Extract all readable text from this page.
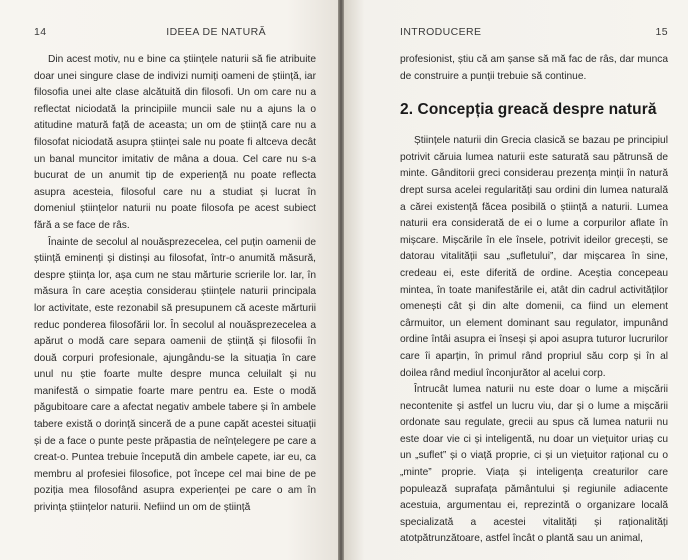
14	IDEEA DE NATURĂ

Din acest motiv, nu e bine ca științele naturii să fie atribuite doar unei singure clase de indivizi numiți oameni de știință, iar filosofia unei alte clase alcătuită din filosofi. Un om care nu a reflectat niciodată la principiile muncii sale nu a ajuns la o atitudine matură față de aceasta; un om de știință care nu a filosofat niciodată asupra științei sale nu poate fi altceva decât un banal muncitor imitativ de mâna a doua. Cel care nu s-a bucurat de un anumit tip de experiență nu poate reflecta asupra acesteia, filosoful care nu a studiat și lucrat în domeniul științelor naturii nu poate filosofa pe acest subiect fără a se face de râs.

Înainte de secolul al nouăsprezecelea, cel puțin oamenii de știință eminenți și distinși au filosofat, într-o anumită măsură, despre știința lor, așa cum ne stau mărturie scrierile lor. Iar, în măsura în care aceștia considerau științele naturii principala lor activitate, este rezonabil să presupunem că aceste mărturii reduc ponderea filosofării lor. În secolul al nouăsprezecelea a apărut o modă care separa oamenii de știință și filosofii în două corpuri profesionale, ajungându-se la situația în care unul nu știe foarte multe despre munca celuilalt și nu manifestă o simpatie foarte mare pentru ea. Este o modă păgubitoare care a afectat negativ ambele tabere și în ambele tabere există o dorință sinceră de a pune capăt acestei situații și de a face o punte peste prăpastia de neînțelegere pe care a creat-o. Puntea trebuie începută din ambele capete, iar eu, ca membru al profesiei filosofice, pot începe cel mai bine de pe poziția mea filosofând asupra experienței pe care o am în privința științelor naturii. Nefiind un om de știință

INTRODUCERE	15

profesionist, știu că am șanse să mă fac de râs, dar munca de construire a punții trebuie să continue.

2. Concepția greacă despre natură

Științele naturii din Grecia clasică se bazau pe principiul potrivit căruia lumea naturii este saturată sau pătrunsă de minte. Gânditorii greci considerau prezența minții în natură drept sursa acelei regularități sau ordini din lumea naturală a cărei existență făcea posibilă o știință a naturii. Lumea naturii era considerată de ei o lume a corpurilor aflate în mișcare. Mișcările în ele însele, potrivit ideilor grecești, se datorau vitalității sau „sufletului”, dar mișcarea în sine, credeau ei, este diferită de ordine. Aceștia concepeau mintea, în toate manifestările ei, atât din cadrul activităților omenești cât și din alte domenii, ca fiind un element cârmuitor, un element dominant sau regulator, impunând ordine întâi asupra ei înseși și apoi asupra tuturor lucrurilor care îi aparțin, în primul rând propriul său corp și în al doilea rând mediul înconjurător al acelui corp.

Întrucât lumea naturii nu este doar o lume a mișcării necontenite și astfel un lucru viu, dar și o lume a mișcării ordonate sau regulate, grecii au spus că lumea naturii nu este doar vie ci și inteligentă, nu doar un viețuitor uriaș cu un „suflet” și o viață proprie, ci și un viețuitor rațional cu o „minte” proprie. Viața și inteligența creaturilor care populează suprafața pământului și regiunile adiacente acestuia, argumentau ei, reprezintă o organizare locală specializată a acestei vitalități și raționalități atotpătrunzătoare, astfel încât o plantă sau un animal,
